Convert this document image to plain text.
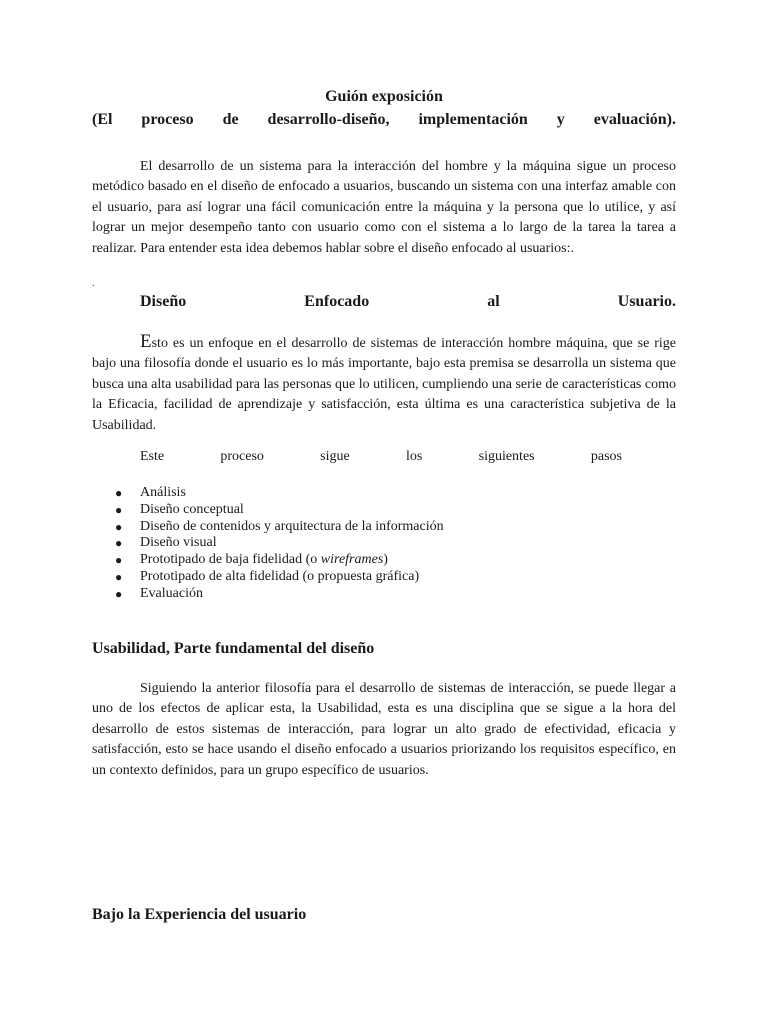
Guión exposición

(El proceso de desarrollo-diseño, implementación y evaluación).

El desarrollo de un sistema para la interacción del hombre y la máquina sigue un proceso metódico basado en el diseño de enfocado a usuarios, buscando un sistema con una interfaz amable con el usuario, para así lograr una fácil comunicación entre la máquina y la persona que lo utilice, y así lograr un mejor desempeño tanto con usuario como con el sistema a lo largo de la tarea la tarea a realizar. Para entender esta idea debemos hablar sobre el diseño enfocado al usuarios:.

.

Diseño Enfocado al Usuario.

Esto es un enfoque en el desarrollo de sistemas de interacción hombre máquina, que se rige bajo una filosofía donde el usuario es lo más importante, bajo esta premisa se desarrolla un sistema que busca una alta usabilidad para las personas que lo utilicen, cumpliendo una serie de características como la Eficacia, facilidad de aprendizaje y satisfacción, esta última es una característica subjetiva de la Usabilidad.

Este proceso sigue los siguientes pasos

● Análisis
● Diseño conceptual
● Diseño de contenidos y arquitectura de la información
● Diseño visual
● Prototipado de baja fidelidad (o wireframes)
● Prototipado de alta fidelidad (o propuesta gráfica)
● Evaluación

Usabilidad, Parte fundamental del diseño

Siguiendo la anterior filosofía para el desarrollo de sistemas de interacción, se puede llegar a uno de los efectos de aplicar esta, la Usabilidad, esta es una disciplina que se sigue a la hora del desarrollo de estos sistemas de interacción, para lograr un alto grado de efectividad, eficacia y satisfacción, esto se hace usando el diseño enfocado a usuarios priorizando los requisitos específico, en un contexto definidos, para un grupo específico de usuarios.

Bajo la Experiencia del usuario
